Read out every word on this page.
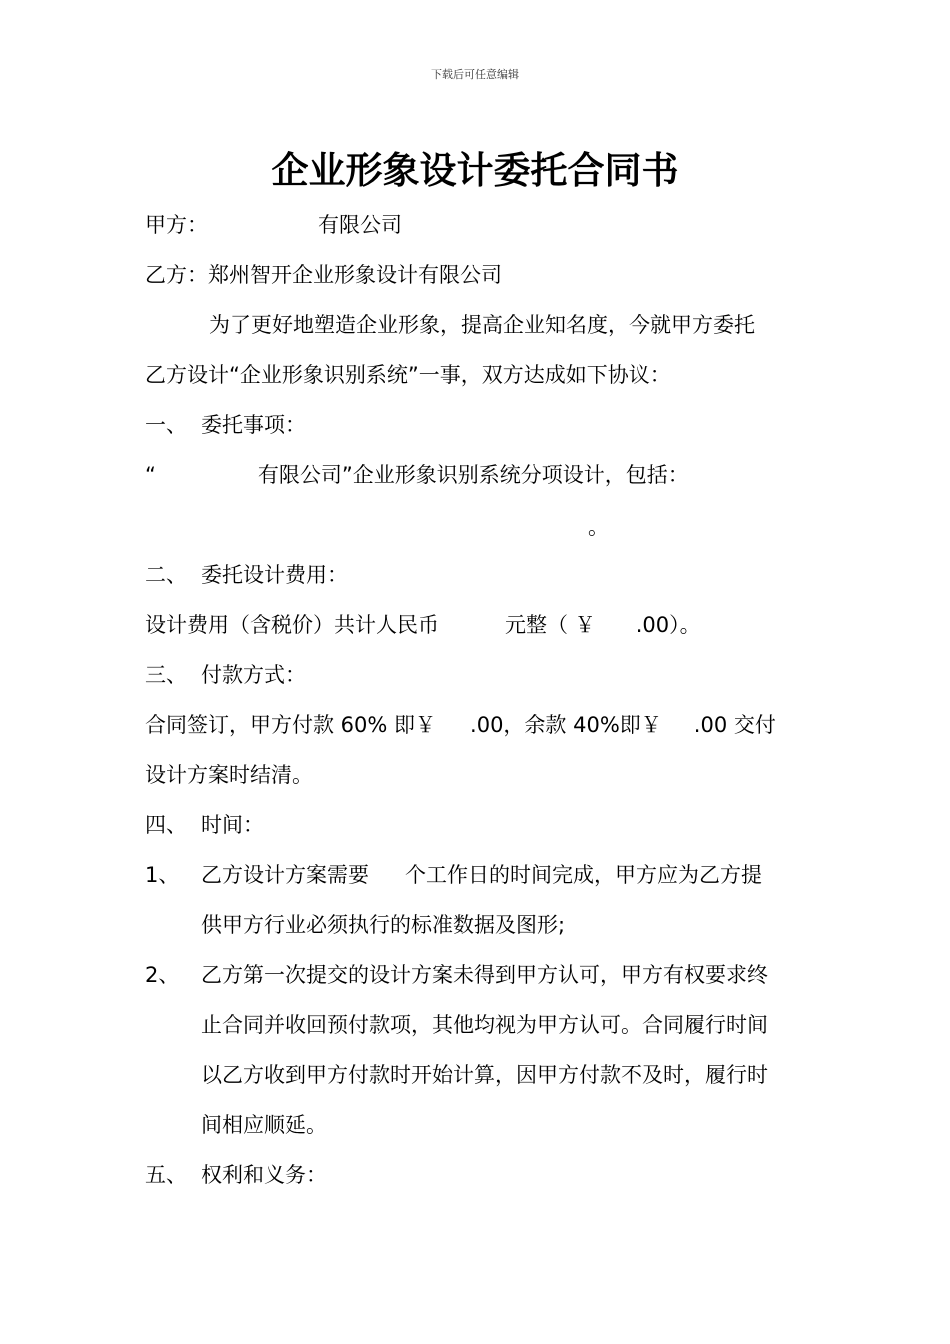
下载后可任意编辑
企业形象设计委托合同书
甲方：	有限公司
乙方：郑州智开企业形象设计有限公司
为了更好地塑造企业形象，提高企业知名度，今就甲方委托
乙方设计“企业形象识别系统”一事，双方达成如下协议：
一、 委托事项：
“	有限公司”企业形象识别系统分项设计，包括：
。
二、 委托设计费用：
设计费用（含税价）共计人民币	元整（ ￥ .00）。
三、 付款方式：
合同签订，甲方付款 60% 即￥ .00，余款 40%即￥ .00 交付
设计方案时结清。
四、 时间：
1、 乙方设计方案需要 个工作日的时间完成，甲方应为乙方提
供甲方行业必须执行的标准数据及图形;
2、 乙方第一次提交的设计方案未得到甲方认可，甲方有权要求终
止合同并收回预付款项，其他均视为甲方认可。合同履行时间
以乙方收到甲方付款时开始计算，因甲方付款不及时，履行时
间相应顺延。
五、 权利和义务：
